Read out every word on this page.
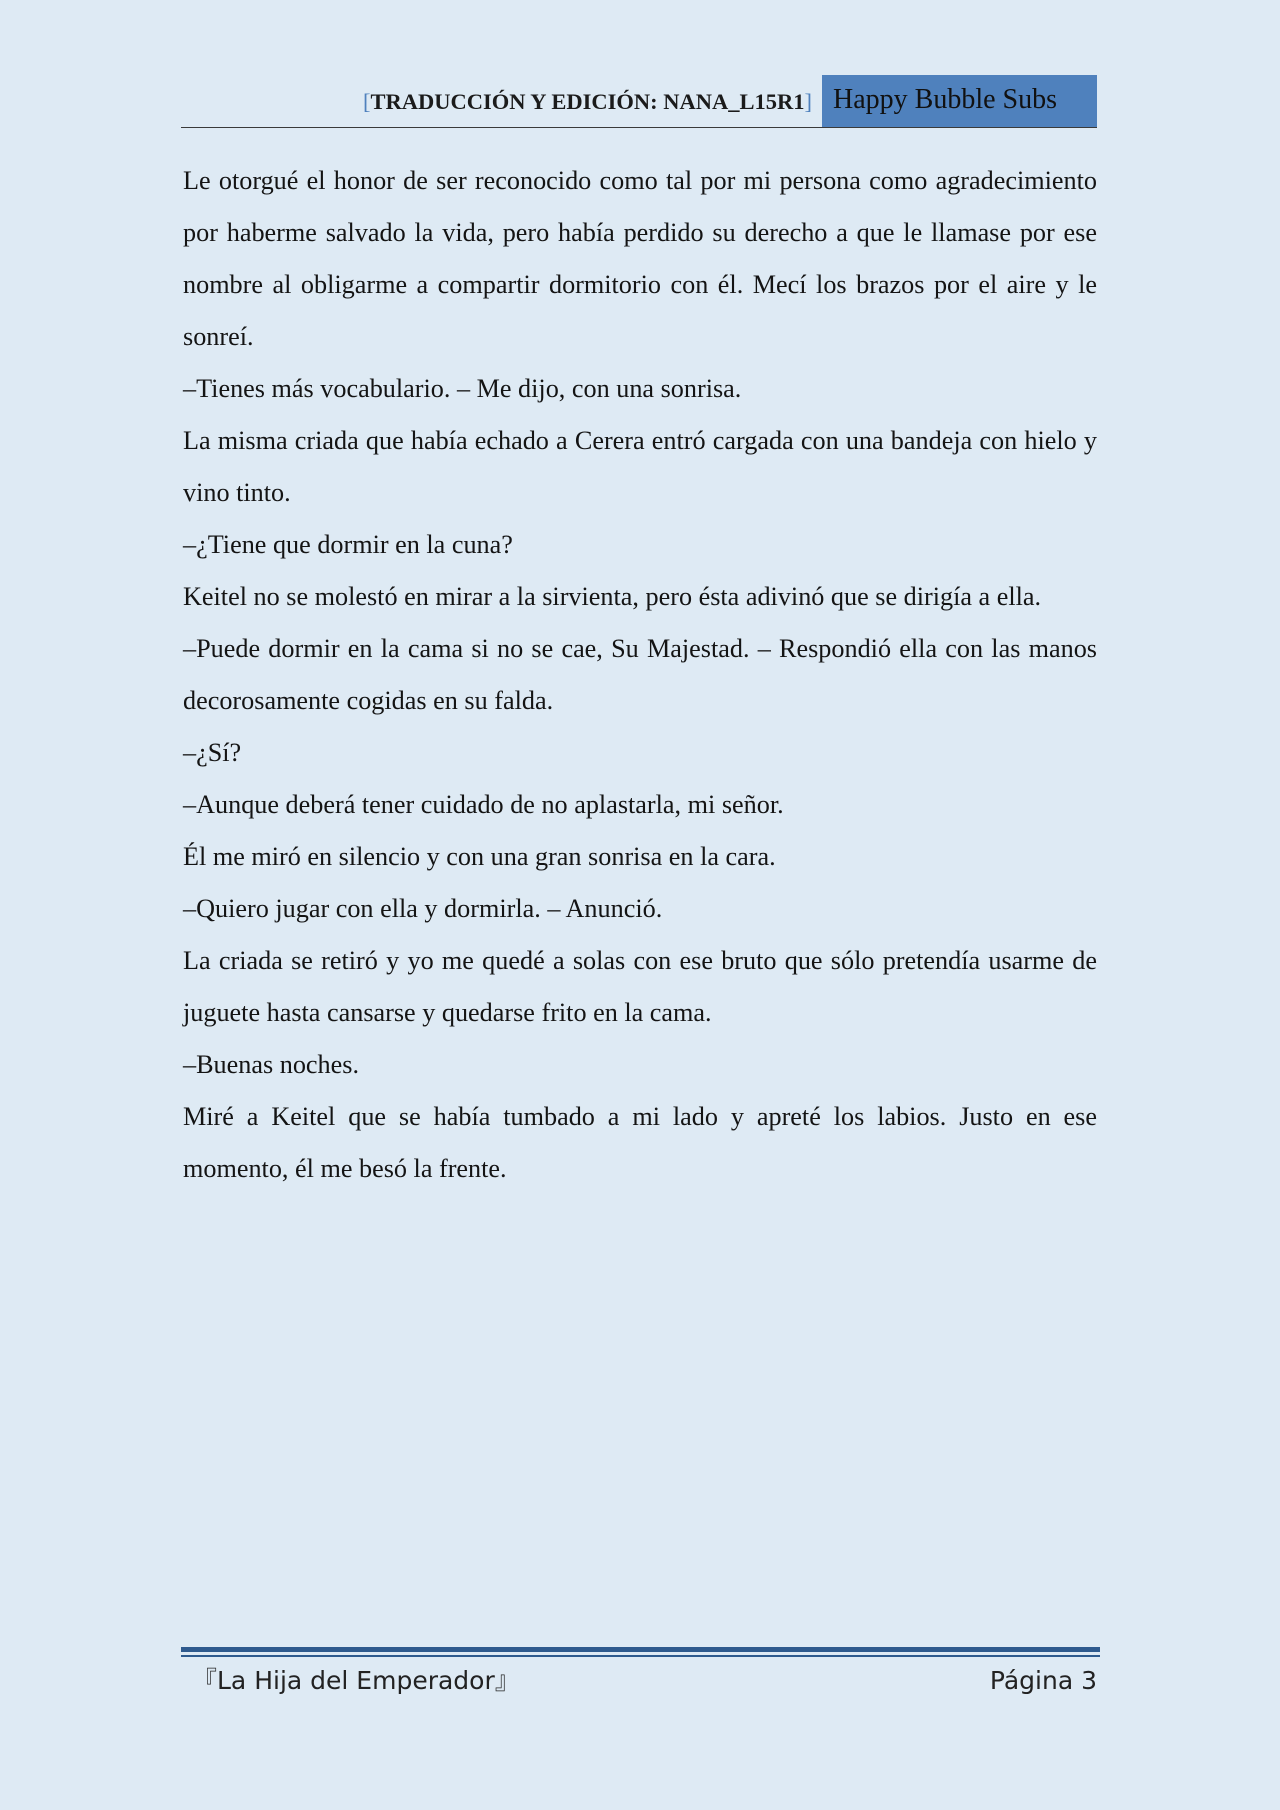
[TRADUCCIÓN Y EDICIÓN: NANA_L15R1] Happy Bubble Subs

Le otorgué el honor de ser reconocido como tal por mi persona como agradecimiento por haberme salvado la vida, pero había perdido su derecho a que le llamase por ese nombre al obligarme a compartir dormitorio con él. Mecí los brazos por el aire y le sonreí.

–Tienes más vocabulario. – Me dijo, con una sonrisa.

La misma criada que había echado a Cerera entró cargada con una bandeja con hielo y vino tinto.

–¿Tiene que dormir en la cuna?

Keitel no se molestó en mirar a la sirvienta, pero ésta adivinó que se dirigía a ella.

–Puede dormir en la cama si no se cae, Su Majestad. – Respondió ella con las manos decorosamente cogidas en su falda.

–¿Sí?

–Aunque deberá tener cuidado de no aplastarla, mi señor.

Él me miró en silencio y con una gran sonrisa en la cara.

–Quiero jugar con ella y dormirla. – Anunció.

La criada se retiró y yo me quedé a solas con ese bruto que sólo pretendía usarme de juguete hasta cansarse y quedarse frito en la cama.

–Buenas noches.

Miré a Keitel que se había tumbado a mi lado y apreté los labios. Justo en ese momento, él me besó la frente.

『La Hija del Emperador』	Página 3
